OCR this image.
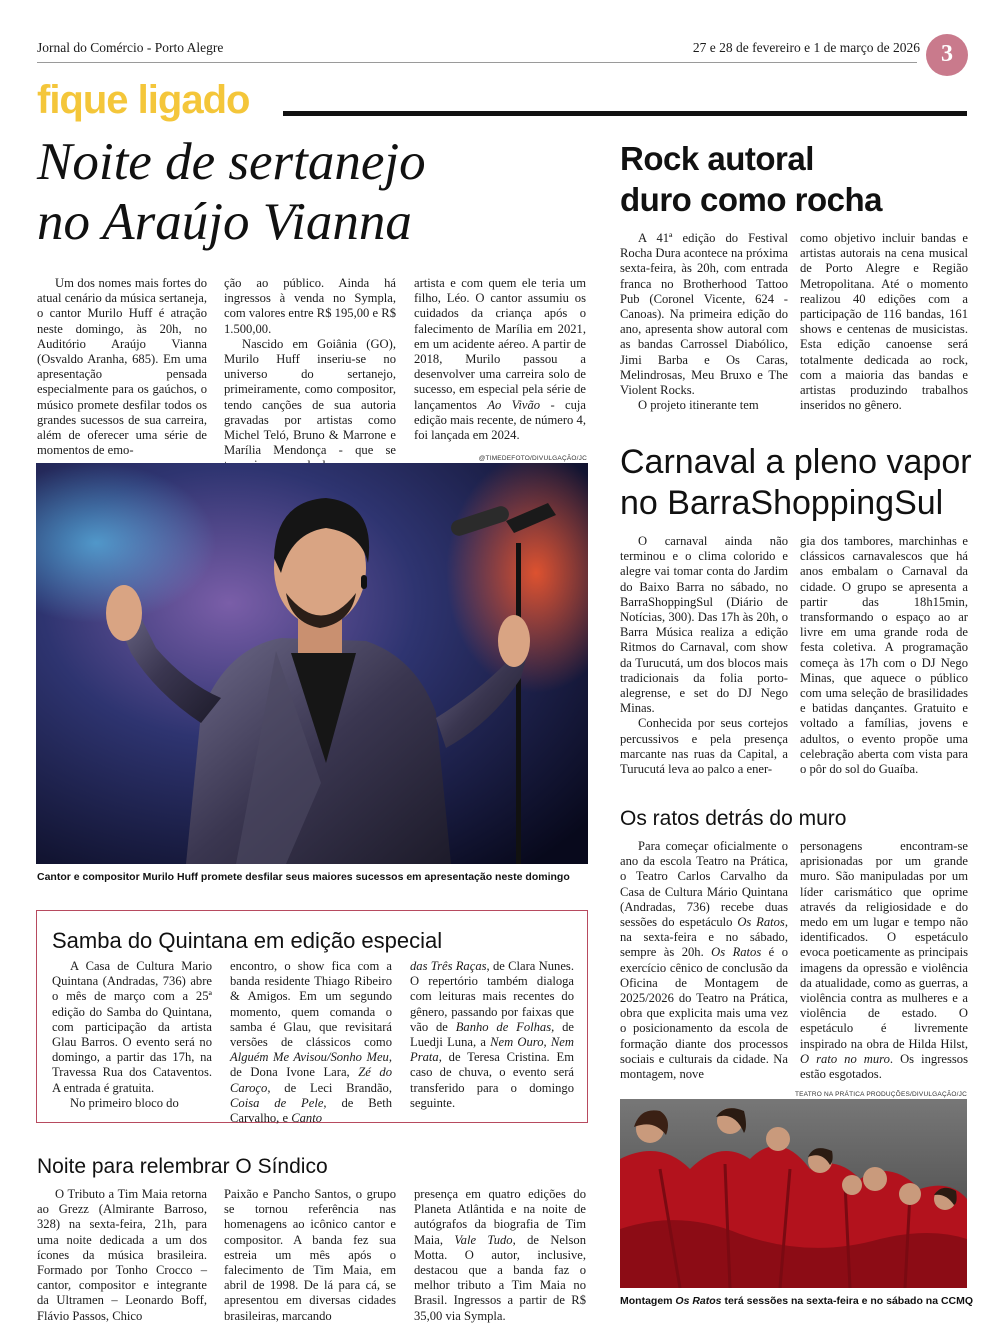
Jornal do Comércio - Porto Alegre	27 e 28 de fevereiro e 1 de março de 2026 3
fique ligado
Noite de sertanejo
no Araújo Vianna

Um dos nomes mais fortes do atual cenário da música sertaneja, o cantor Murilo Huff é atração neste domingo, às 20h, no Auditório Araújo Vianna (Osvaldo Aranha, 685). Em uma apresentação pensada especialmente para os gaúchos, o músico promete desfilar todos os grandes sucessos de sua carreira, além de oferecer uma série de momentos de emo-

ção ao público. Ainda há ingressos à venda no Sympla, com valores entre R$ 195,00 e R$ 1.500,00.

Nascido em Goiânia (GO), Murilo Huff inseriu-se no universo do sertanejo, primeiramente, como compositor, tendo canções de sua autoria gravadas por artistas como Michel Teló, Bruno & Marrone e Marília Mendonça - que se

artista e com quem ele teria um filho, Léo. O cantor assumiu os cuidados da criança após o falecimento de Marília em 2021, em um acidente aéreo. A partir de 2018, Murilo passou a desenvolver uma carreira solo de sucesso, em especial pela série de lançamentos Ao Vivão - cuja edição mais recente, de número 4, foi lançada em 2024.

@TIMEDEFOTO/DIVULGAÇÃO/JC
Cantor e compositor Murilo Huff promete desfilar seus maiores sucessos em apresentação neste domingo
Rock autoral
duro como rocha

A 41ª edição do Festival Rocha Dura acontece na próxima sexta-feira, às 20h, com entrada franca no Brotherhood Tattoo Pub (Coronel Vicente, 624 - Canoas). Na primeira edição do ano, apresenta show autoral com as bandas Carrossel Diabólico, Jimi Barba e Os Caras, Melindrosas, Meu Bruxo e The Violent Rocks.

O projeto itinerante tem

como objetivo incluir bandas e artistas autorais na cena musical de Porto Alegre e Região Metropolitana. Até o momento realizou 40 edições com a participação de 116 bandas, 161 shows e centenas de musicistas. Esta edição canoense será totalmente dedicada ao rock, com a maioria das bandas e artistas produzindo trabalhos inseridos no gênero.

Carnaval a pleno vapor
no BarraShoppingSul

O carnaval ainda não terminou e o clima colorido e alegre vai tomar conta do Jardim do Baixo Barra no sábado, no BarraShoppingSul (Diário de Notícias, 300). Das 17h às 20h, o Barra Música realiza a edição Ritmos do Carnaval, com show da Turucutá, um dos blocos mais tradicionais da folia porto-alegrense, e set do DJ Nego Minas.

Conhecida por seus cortejos percussivos e pela presença marcante nas ruas da Capital, a Turucutá leva ao palco a ener-

gia dos tambores, marchinhas e clássicos carnavalescos que há anos embalam o Carnaval da cidade. O grupo se apresenta a partir das 18h15min, transformando o espaço ao ar livre em uma grande roda de festa coletiva. A programação começa às 17h com o DJ Nego Minas, que aquece o público com uma seleção de brasilidades e batidas dançantes. Gratuito e voltado a famílias, jovens e adultos, o evento propõe uma celebração aberta com vista para o pôr do sol do Guaíba.

Os ratos detrás do muro

Para começar oficialmente o ano da escola Teatro na Prática, o Teatro Carlos Carvalho da Casa de Cultura Mário Quintana (Andradas, 736) recebe duas sessões do espetáculo Os Ratos, na sexta-feira e no sábado, sempre às 20h. Os Ratos é o exercício cênico de conclusão da Oficina de Montagem de 2025/2026 do Teatro na Prática, obra que explicita mais uma vez o posicionamento da escola de formação diante dos processos sociais e culturais da cidade. Na montagem, nove

personagens encontram-se aprisionadas por um grande muro. São manipuladas por um líder carismático que oprime através da religiosidade e do medo em um lugar e tempo não identificados. O espetáculo evoca poeticamente as principais imagens da opressão e violência da atualidade, como as guerras, a violência contra as mulheres e a violência de estado. O espetáculo é livremente inspirado na obra de Hilda Hilst, O rato no muro. Os ingressos estão esgotados.

TEATRO NA PRÁTICA PRODUÇÕES/DIVULGAÇÃO/JC
Montagem Os Ratos terá sessões na sexta-feira e no sábado na CCMQ
Samba do Quintana em edição especial

A Casa de Cultura Mario Quintana (Andradas, 736) abre o mês de março com a 25ª edição do Samba do Quintana, com participação da artista Glau Barros. O evento será no domingo, a partir das 17h, na Travessa Rua dos Cataventos. A entrada é gratuita.

No primeiro bloco do

encontro, o show fica com a banda residente Thiago Ribeiro & Amigos. Em um segundo momento, quem comanda o samba é Glau, que revisitará versões de clássicos como Alguém Me Avisou/Sonho Meu, de Dona Ivone Lara, Zé do Caroço, de Leci Brandão, Coisa de Pele, de Beth Carvalho, e Canto

das Três Raças, de Clara Nunes. O repertório também dialoga com leituras mais recentes do gênero, passando por faixas que vão de Banho de Folhas, de Luedji Luna, a Nem Ouro, Nem Prata, de Teresa Cristina. Em caso de chuva, o evento será transferido para o domingo seguinte.

Noite para relembrar O Síndico

O Tributo a Tim Maia retorna ao Grezz (Almirante Barroso, 328) na sexta-feira, 21h, para uma noite dedicada a um dos ícones da música brasileira. Formado por Tonho Crocco – cantor, compositor e integrante da Ultramen – Leonardo Boff, Flávio Passos, Chico

Paixão e Pancho Santos, o grupo se tornou referência nas homenagens ao icônico cantor e compositor. A banda fez sua estreia um mês após o falecimento de Tim Maia, em abril de 1998. De lá para cá, se apresentou em diversas cidades brasileiras, marcando

presença em quatro edições do Planeta Atlântida e na noite de autógrafos da biografia de Tim Maia, Vale Tudo, de Nelson Motta. O autor, inclusive, destacou que a banda faz o melhor tributo a Tim Maia no Brasil. Ingressos a partir de R$ 35,00 via Sympla.
